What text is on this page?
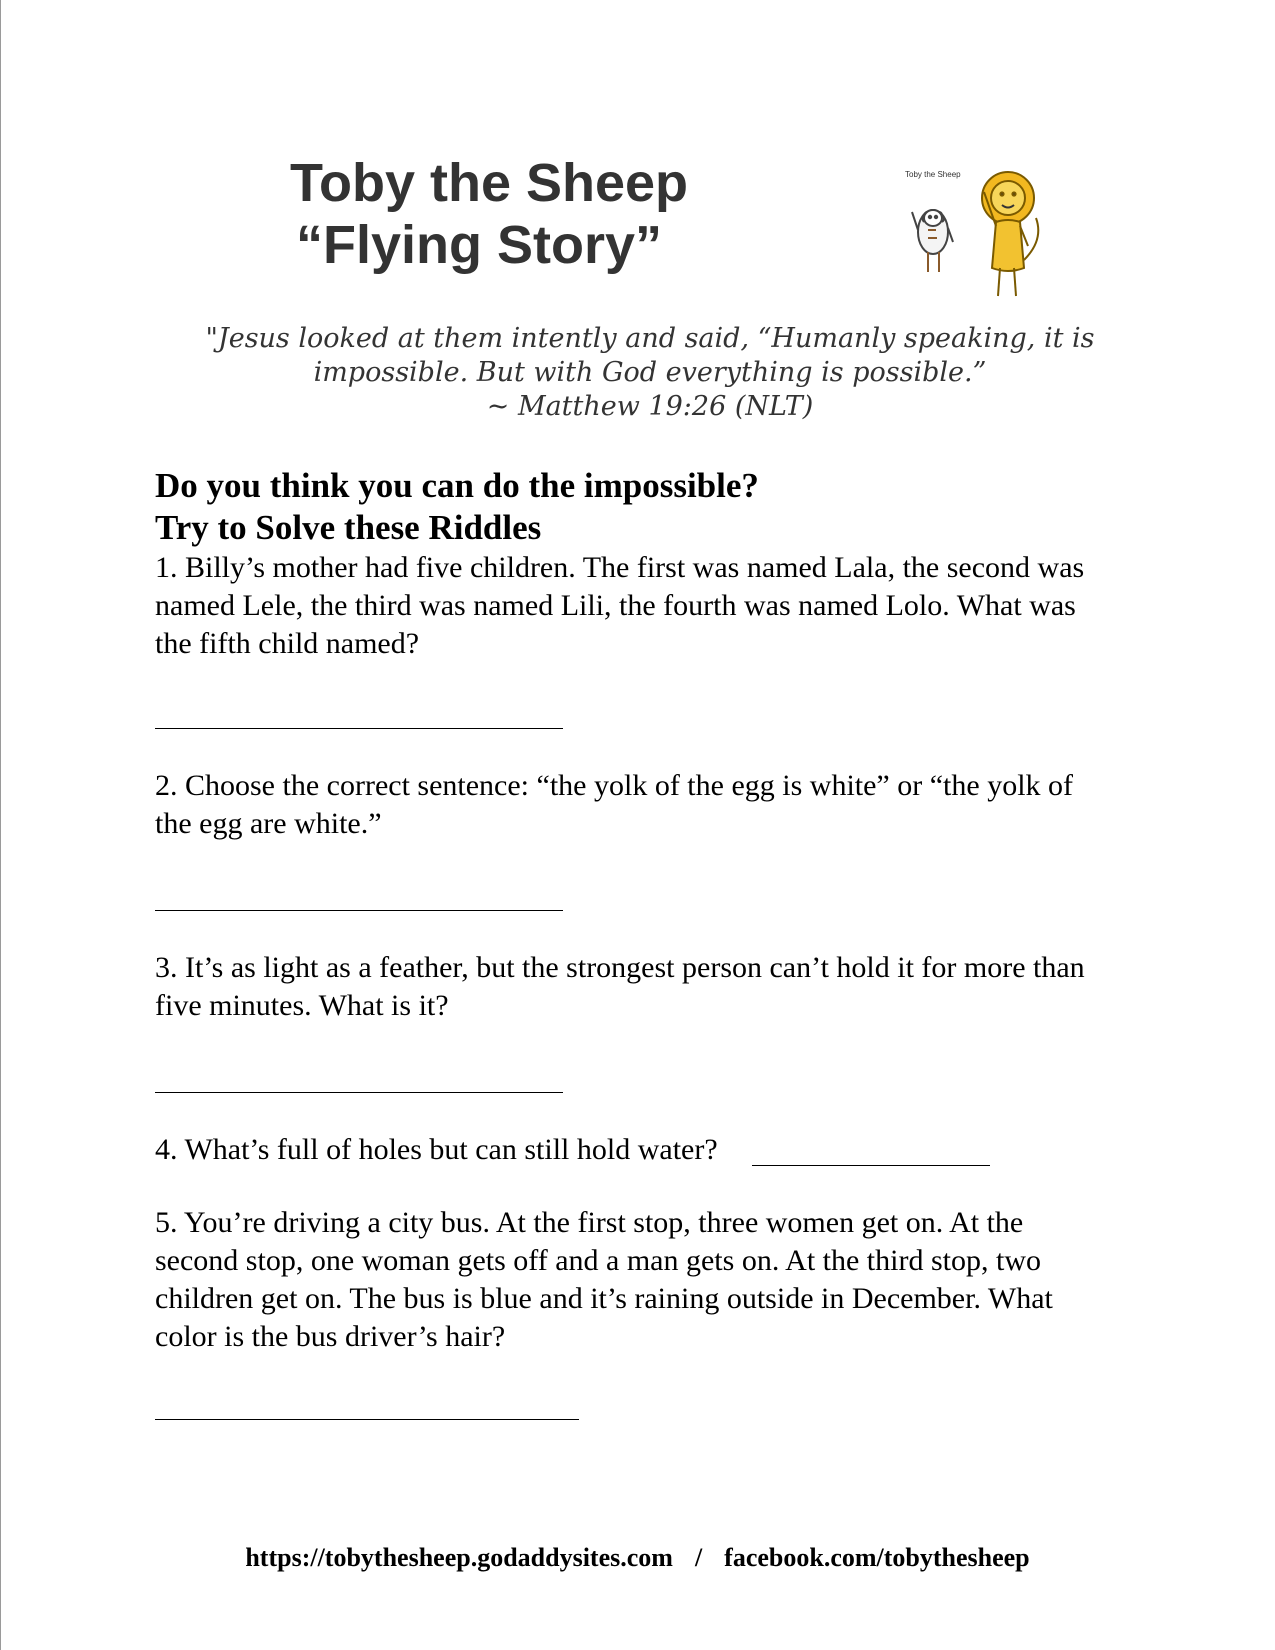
Toby the Sheep
“Flying Story”
Toby the Sheep

"Jesus looked at them intently and said, “Humanly speaking, it is

impossible. But with God everything is possible.”

~ Matthew 19:26 (NLT)

Do you think you can do the impossible?

Try to Solve these Riddles

1. Billy’s mother had five children. The first was named Lala, the second was named Lele, the third was named Lili, the fourth was named Lolo. What was the fifth child named?

2. Choose the correct sentence: “the yolk of the egg is white” or “the yolk of the egg are white.”

3. It’s as light as a feather, but the strongest person can’t hold it for more than five minutes. What is it?

4. What’s full of holes but can still hold water?

5. You’re driving a city bus. At the first stop, three women get on. At the second stop, one woman gets off and a man gets on. At the third stop, two children get on. The bus is blue and it’s raining outside in December. What color is the bus driver’s hair?

https://tobythesheep.godaddysites.com / facebook.com/tobythesheep
